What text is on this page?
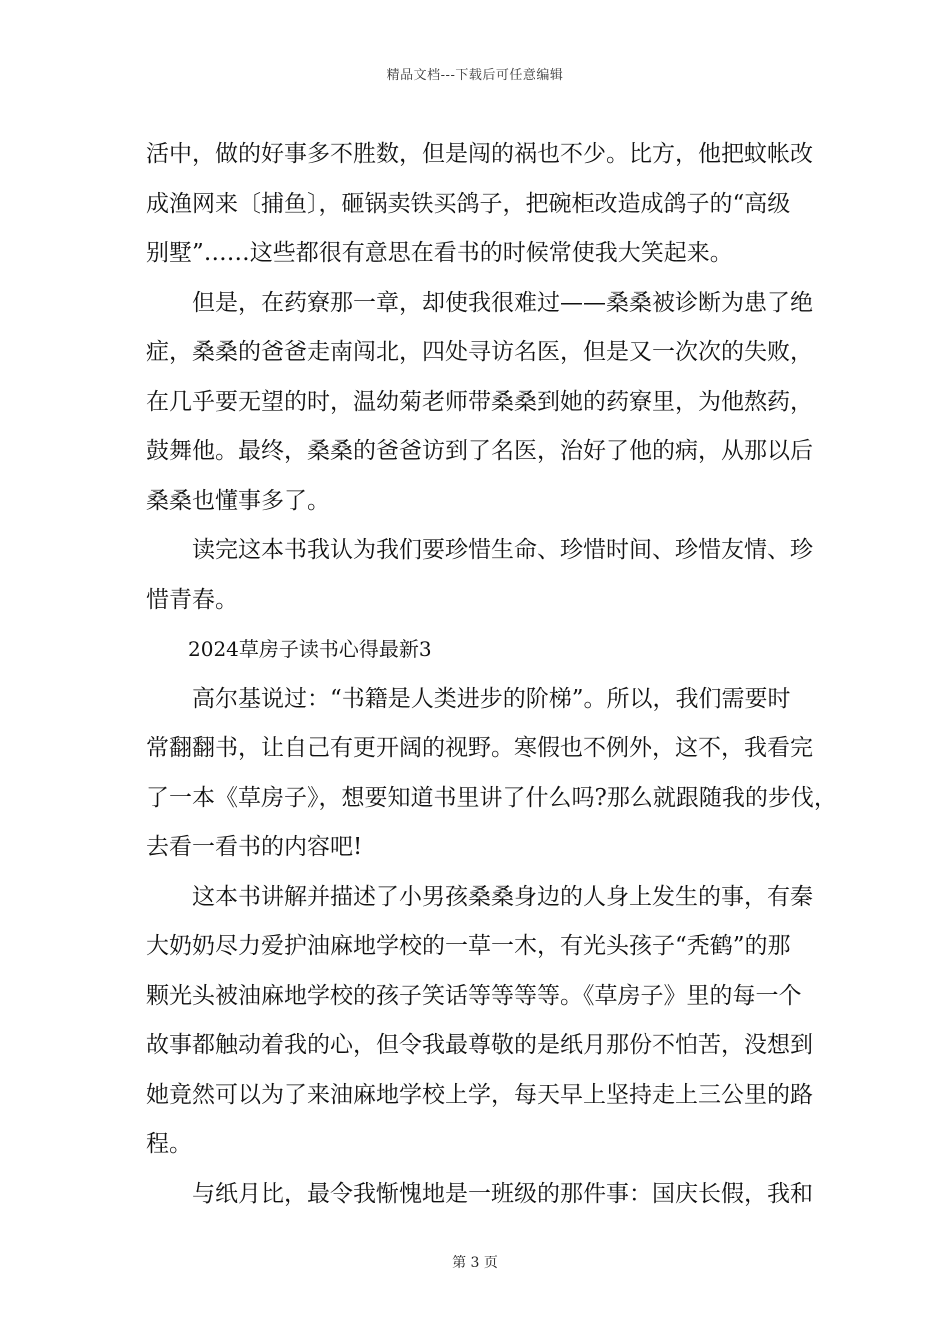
精品文档---下载后可任意编辑
活中，做的好事多不胜数，但是闯的祸也不少。比方，他把蚊帐改
成渔网来〔捕鱼〕，砸锅卖铁买鸽子，把碗柜改造成鸽子的“高级
别墅”……这些都很有意思在看书的时候常使我大笑起来。
但是，在药寮那一章，却使我很难过——桑桑被诊断为患了绝
症，桑桑的爸爸走南闯北，四处寻访名医，但是又一次次的失败，
在几乎要无望的时，温幼菊老师带桑桑到她的药寮里，为他熬药，
鼓舞他。最终，桑桑的爸爸访到了名医，治好了他的病，从那以后
桑桑也懂事多了。
读完这本书我认为我们要珍惜生命、珍惜时间、珍惜友情、珍
惜青春。
2024草房子读书心得最新3
高尔基说过：“书籍是人类进步的阶梯”。所以，我们需要时
常翻翻书，让自己有更开阔的视野。寒假也不例外，这不，我看完
了一本《草房子》，想要知道书里讲了什么吗?那么就跟随我的步伐，
去看一看书的内容吧!
这本书讲解并描述了小男孩桑桑身边的人身上发生的事，有秦
大奶奶尽力爱护油麻地学校的一草一木，有光头孩子“秃鹤”的那
颗光头被油麻地学校的孩子笑话等等等等。《草房子》里的每一个
故事都触动着我的心，但令我最尊敬的是纸月那份不怕苦，没想到
她竟然可以为了来油麻地学校上学，每天早上坚持走上三公里的路
程。
与纸月比，最令我惭愧地是一班级的那件事：国庆长假，我和
第 3 页
